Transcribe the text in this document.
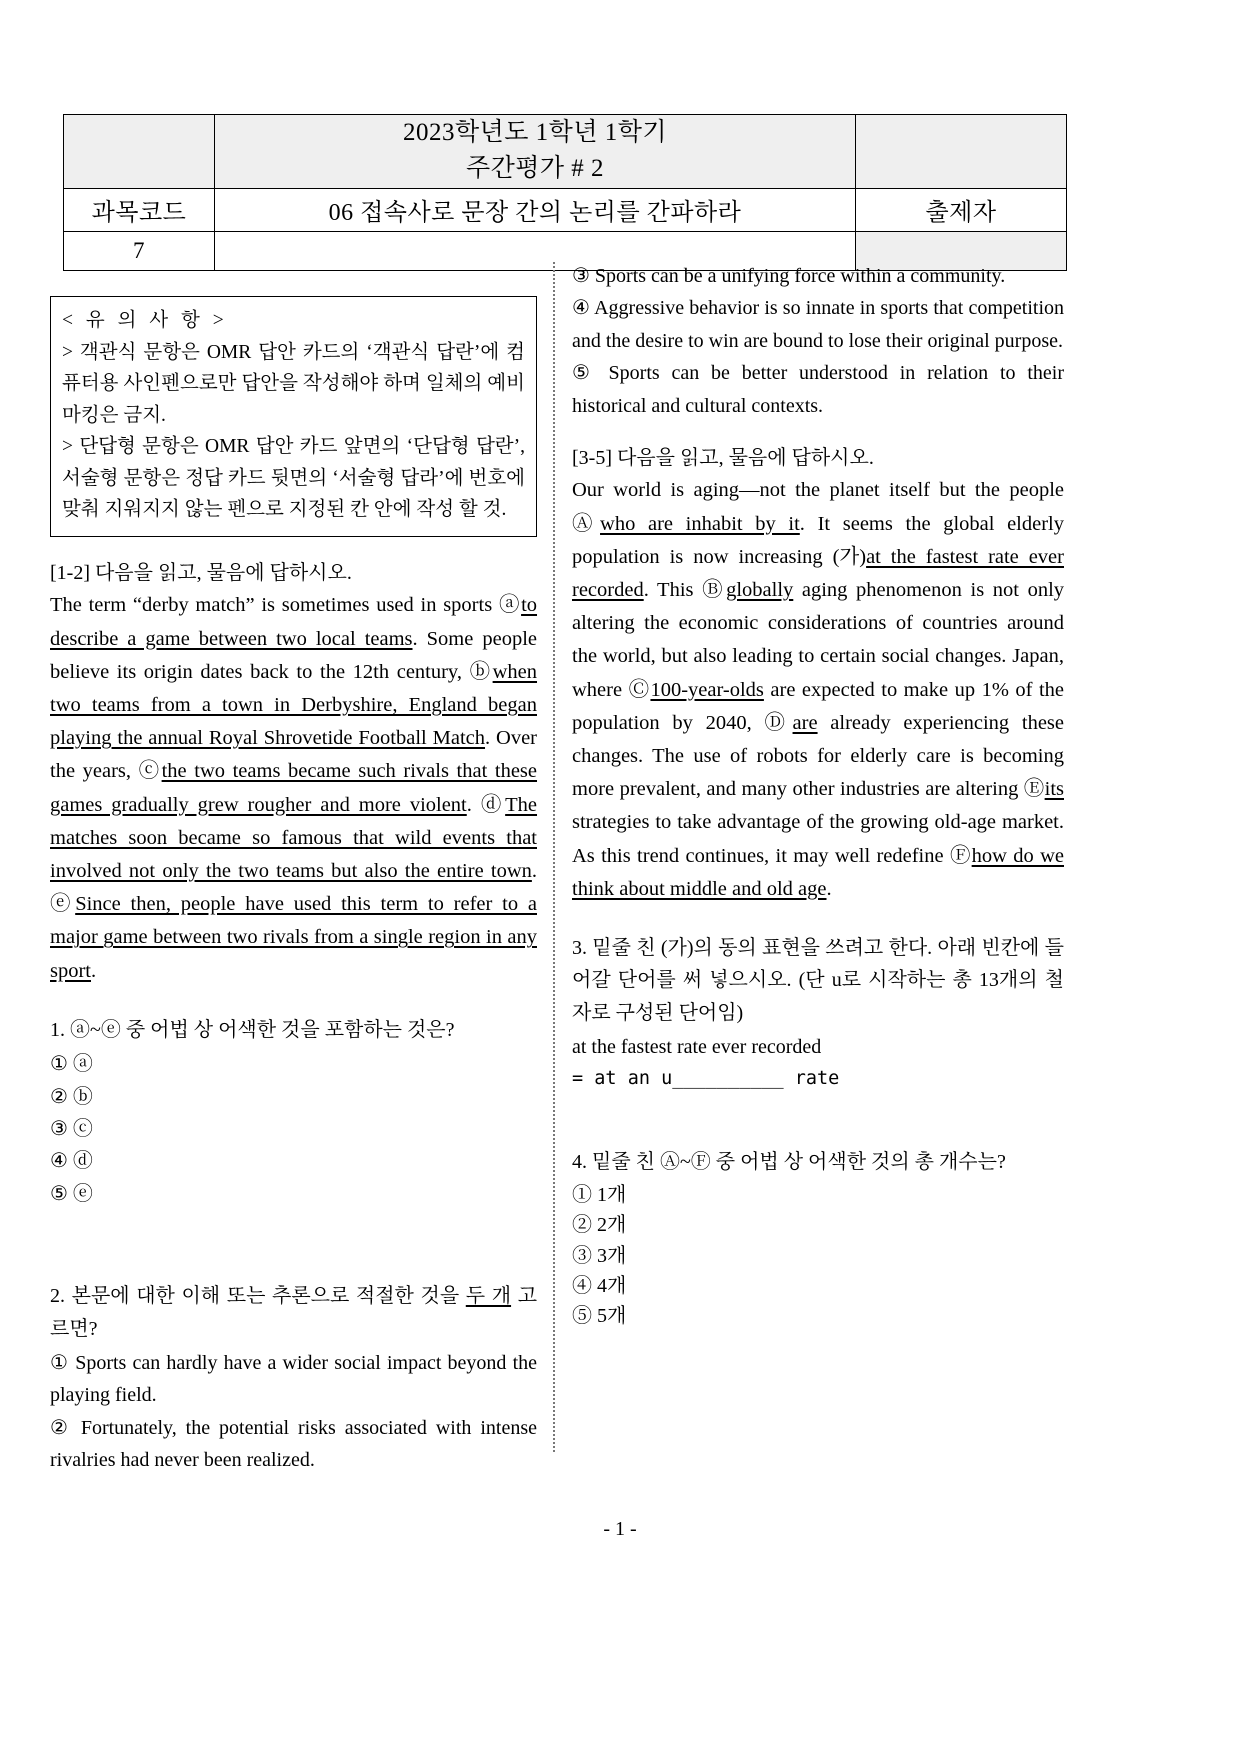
	2023학년도 1학년 1학기
주간평가 # 2	

과목코드	06 접속사로 문장 간의 논리를 간파하라	출제자
7		
< 유 의 사 항 >
> 객관식 문항은 OMR 답안 카드의 ‘객관식 답란’에 컴퓨터용 사인펜으로만 답안을 작성해야 하며 일체의 예비마킹은 금지.
> 단답형 문항은 OMR 답안 카드 앞면의 ‘단답형 답란’, 서술형 문항은 정답 카드 뒷면의 ‘서술형 답라’에 번호에 맞춰 지워지지 않는 펜으로 지정된 칸 안에 작성 할 것.
[1-2] 다음을 읽고, 물음에 답하시오.
The term “derby match” is sometimes used in sports ⓐto describe a game between two local teams. Some people believe its origin dates back to the 12th century, ⓑwhen two teams from a town in Derbyshire, England began playing the annual Royal Shrovetide Football Match. Over the years, ⓒthe two teams became such rivals that these games gradually grew rougher and more violent. ⓓThe matches soon became so famous that wild events that involved not only the two teams but also the entire town. ⓔSince then, people have used this term to refer to a major game between two rivals from a single region in any sport.
1. ⓐ~ⓔ 중 어법 상 어색한 것을 포함하는 것은?
① ⓐ
② ⓑ
③ ⓒ
④ ⓓ
⑤ ⓔ
2. 본문에 대한 이해 또는 추론으로 적절한 것을 두 개 고르면?
① Sports can hardly have a wider social impact beyond the playing field.
② Fortunately, the potential risks associated with intense rivalries had never been realized.
③ Sports can be a unifying force within a community.
④ Aggressive behavior is so innate in sports that competition and the desire to win are bound to lose their original purpose.
⑤ Sports can be better understood in relation to their historical and cultural contexts.
[3-5] 다음을 읽고, 물음에 답하시오.
Our world is aging—not the planet itself but the people Ⓐwho are inhabit by it. It seems the global elderly population is now increasing (가)at the fastest rate ever recorded. This Ⓑglobally aging phenomenon is not only altering the economic considerations of countries around the world, but also leading to certain social changes. Japan, where Ⓒ100-year-olds are expected to make up 1% of the population by 2040, Ⓓare already experiencing these changes. The use of robots for elderly care is becoming more prevalent, and many other industries are altering Ⓔits strategies to take advantage of the growing old-age market. As this trend continues, it may well redefine Ⓕhow do we think about middle and old age.
3. 밑줄 친 (가)의 동의 표현을 쓰려고 한다. 아래 빈칸에 들어갈 단어를 써 넣으시오. (단 u로 시작하는 총 13개의 철자로 구성된 단어임)
at the fastest rate ever recorded
= at an u__________ rate
4. 밑줄 친 Ⓐ~Ⓕ 중 어법 상 어색한 것의 총 개수는?
① 1개
② 2개
③ 3개
④ 4개
⑤ 5개
- 1 -
